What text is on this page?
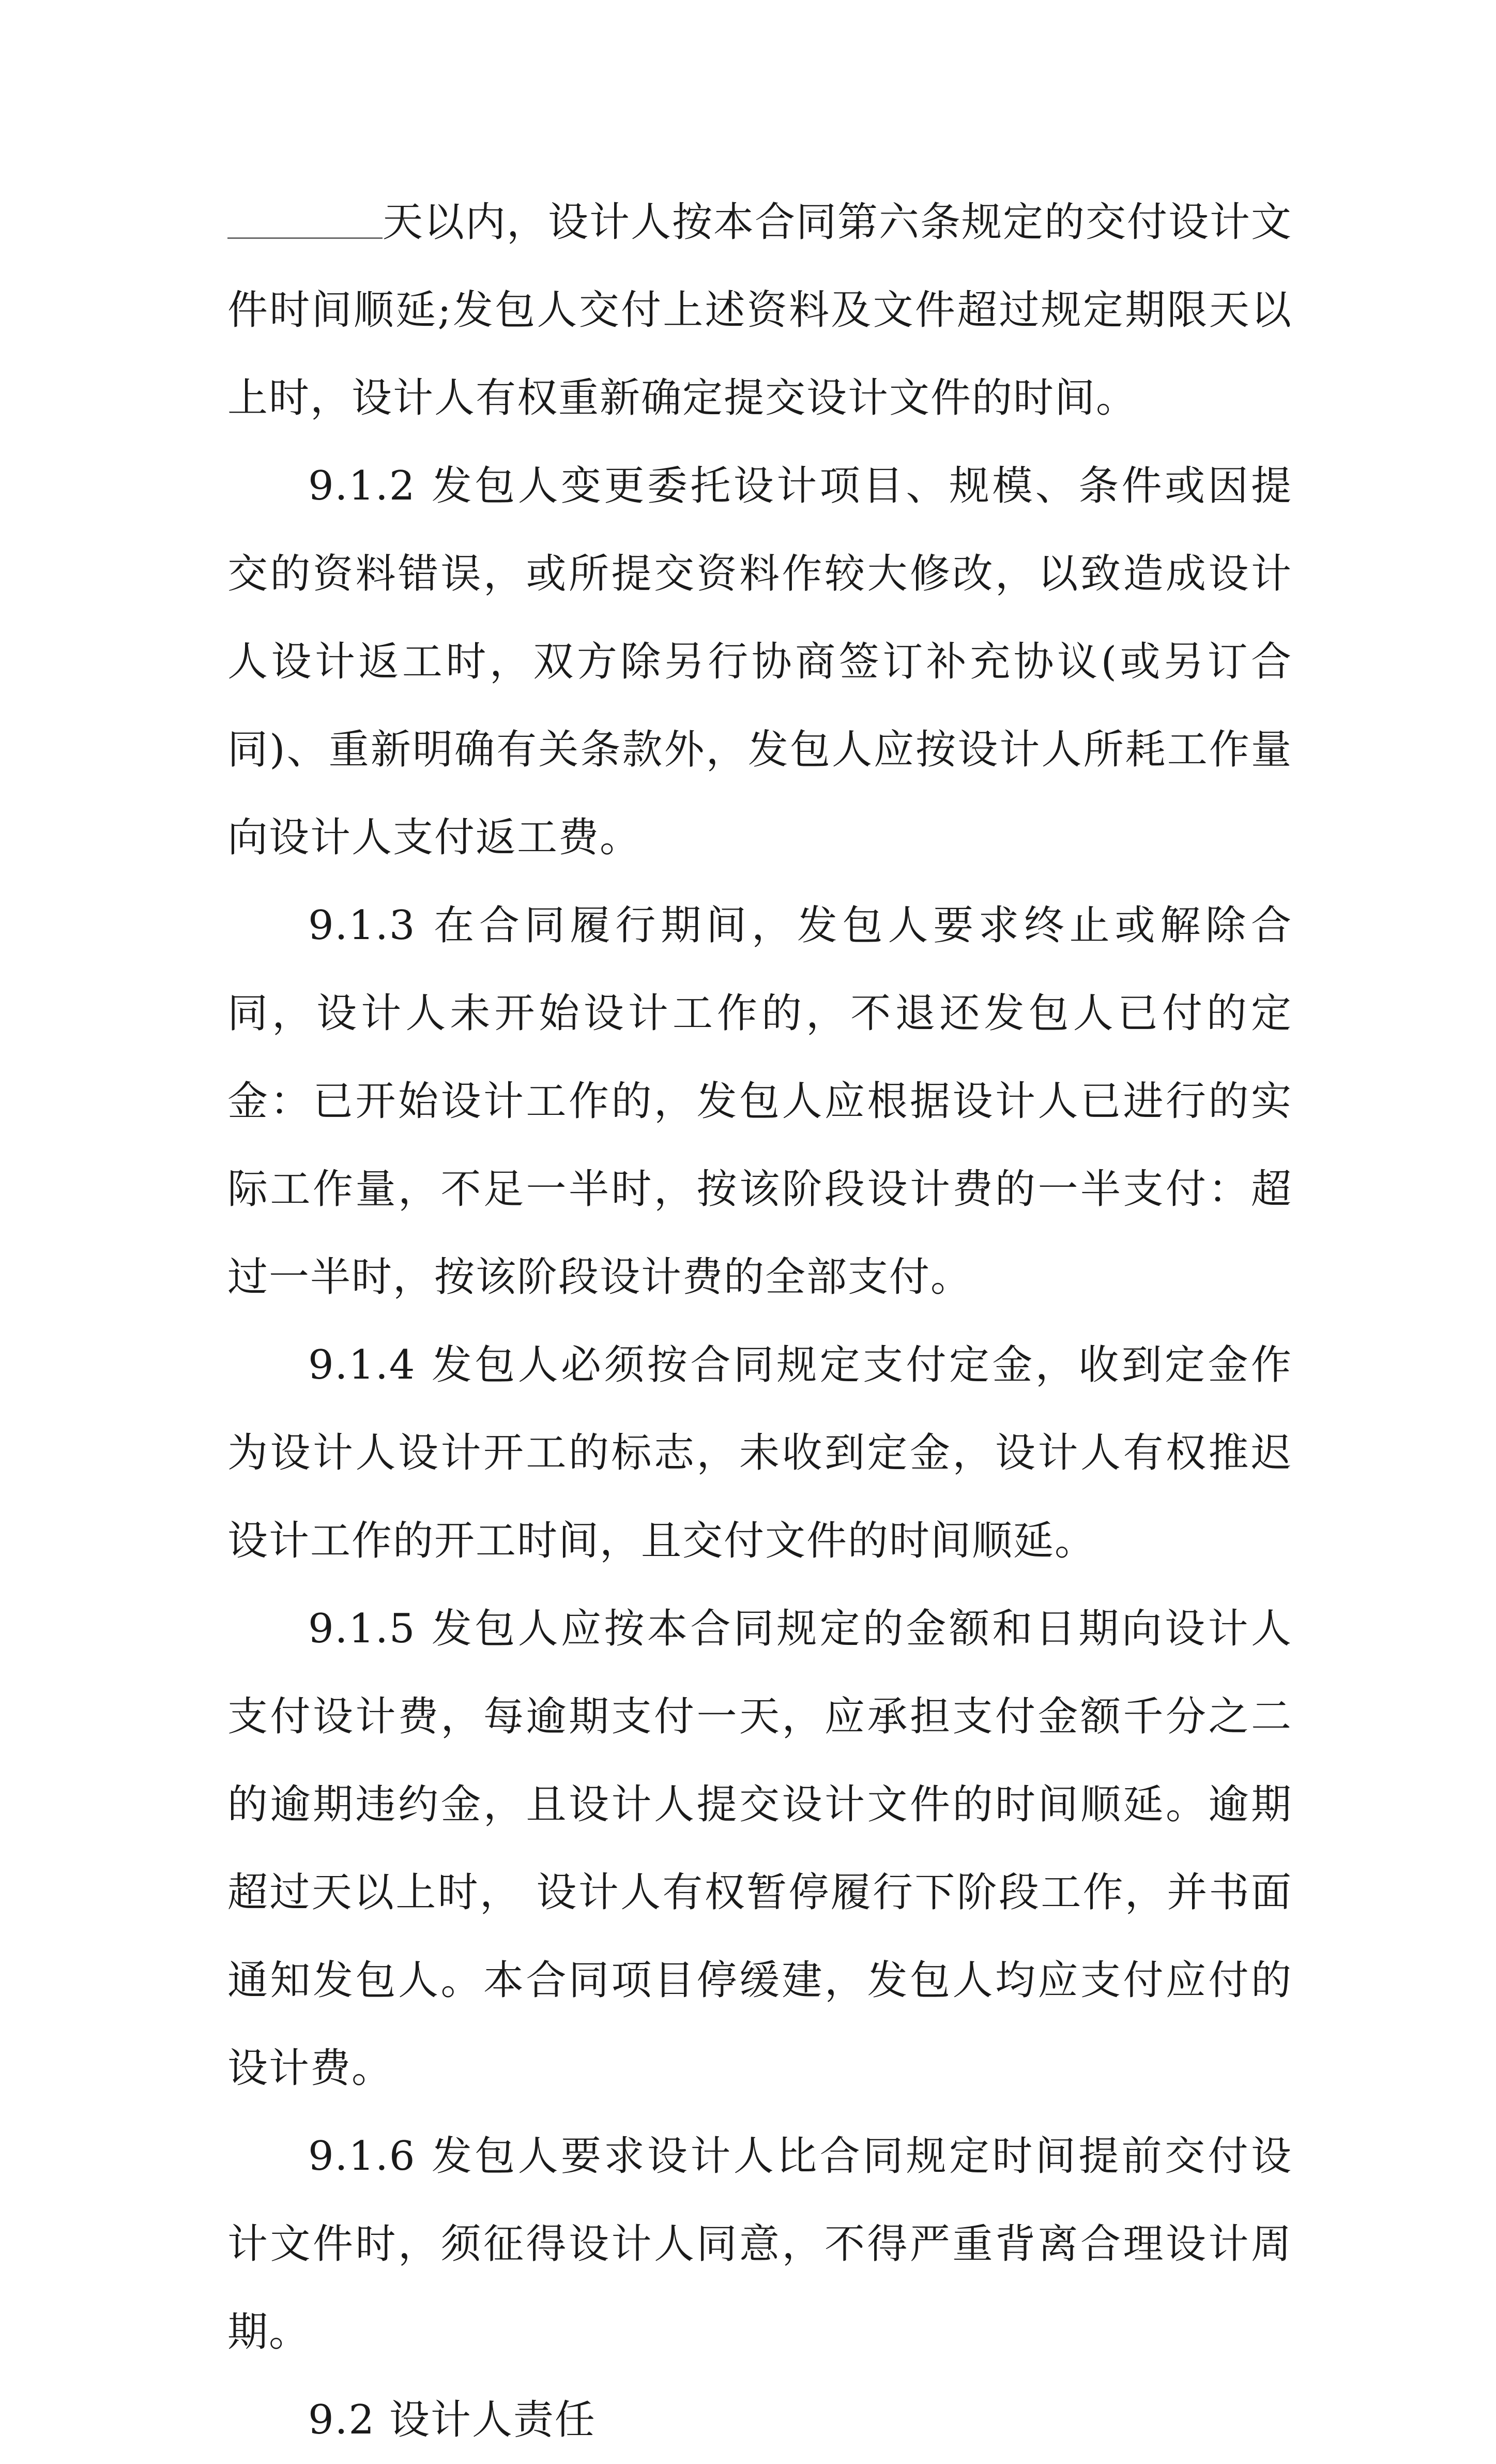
天以内，设计人按本合同第六条规定的交付设计文件时间顺延;发包人交付上述资料及文件超过规定期限天以上时，设计人有权重新确定提交设计文件的时间。

9.1.2 发包人变更委托设计项目、规模、条件或因提交的资料错误，或所提交资料作较大修改，以致造成设计人设计返工时，双方除另行协商签订补充协议(或另订合同)、重新明确有关条款外，发包人应按设计人所耗工作量向设计人支付返工费。

9.1.3 在合同履行期间，发包人要求终止或解除合同，设计人未开始设计工作的，不退还发包人已付的定金：已开始设计工作的，发包人应根据设计人已进行的实际工作量，不足一半时，按该阶段设计费的一半支付：超过一半时，按该阶段设计费的全部支付。

9.1.4 发包人必须按合同规定支付定金，收到定金作为设计人设计开工的标志，未收到定金，设计人有权推迟设计工作的开工时间，且交付文件的时间顺延。

9.1.5 发包人应按本合同规定的金额和日期向设计人支付设计费，每逾期支付一天，应承担支付金额千分之二的逾期违约金，且设计人提交设计文件的时间顺延。逾期超过天以上时， 设计人有权暂停履行下阶段工作，并书面通知发包人。本合同项目停缓建，发包人均应支付应付的设计费。

9.1.6 发包人要求设计人比合同规定时间提前交付设计文件时，须征得设计人同意，不得严重背离合理设计周期。

9.2 设计人责任
